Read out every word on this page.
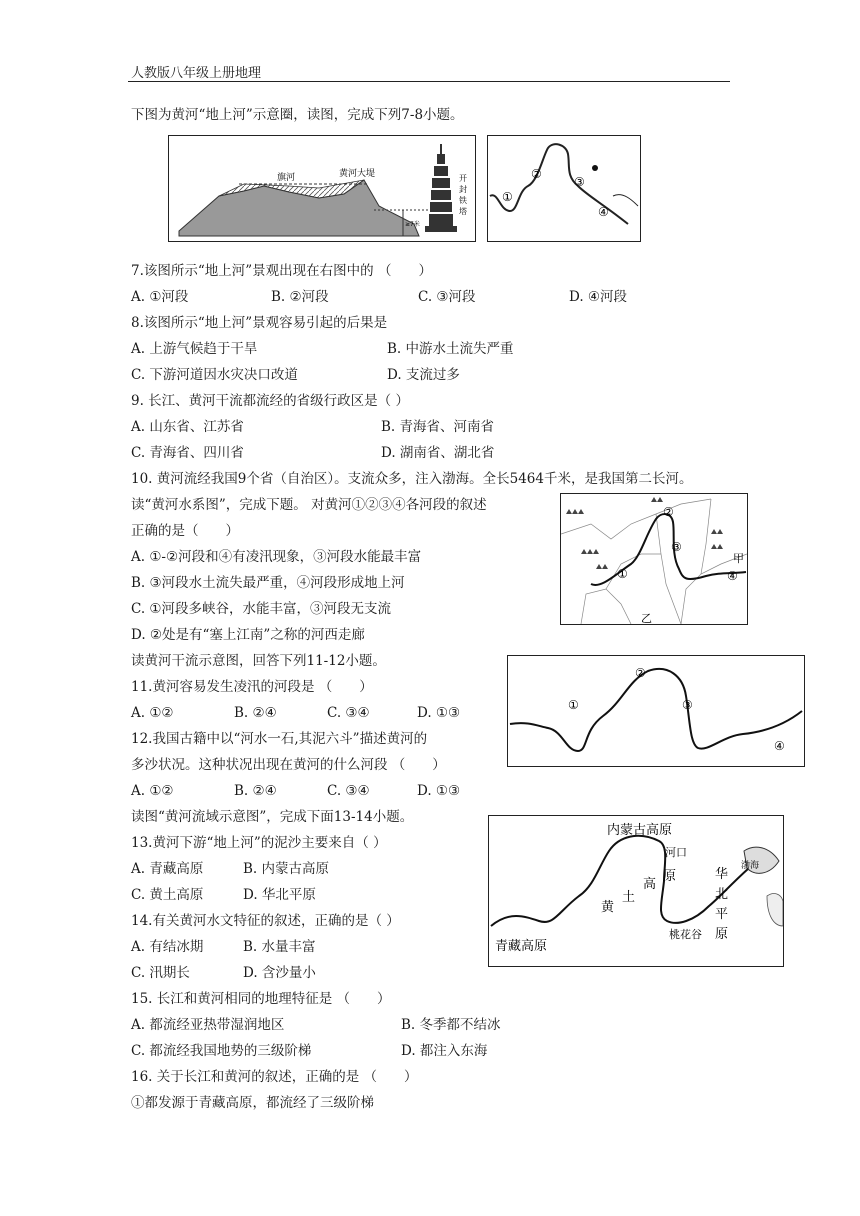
人教版八年级上册地理
下图为黄河“地上河”示意圈，读图，完成下列7-8小题。
旗河	黄河大堤
≥7米
开
封
铁
塔
①
②
③
④
7.该图所示“地上河”景观出现在右图中的 （　　）
A. ①河段	B. ②河段	C. ③河段	D. ④河段
8.该图所示“地上河”景观容易引起的后果是
A. 上游气候趋于干旱	B. 中游水土流失严重
C. 下游河道因水灾决口改道	D. 支流过多
9. 长江、黄河干流都流经的省级行政区是（ ）
A. 山东省、江苏省	B. 青海省、河南省
C. 青海省、四川省	D. 湖南省、湖北省
10. 黄河流经我国9个省（自治区）。支流众多，注入渤海。全长5464千米，是我国第二长河。
读“黄河水系图”，完成下题。 对黄河①②③④各河段的叙述
正确的是（　　）
A. ①-②河段和④有凌汛现象，③河段水能最丰富
B. ③河段水土流失最严重，④河段形成地上河
C. ①河段多峡谷，水能丰富，③河段无支流
D. ②处是有“塞上江南”之称的河西走廊
①
②
③
④
甲
乙
读黄河干流示意图，回答下列11-12小题。
11.黄河容易发生凌汛的河段是 （　　）
A. ①②	B. ②④	C. ③④	D. ①③	①
②
③
④
12.我国古籍中以“河水一石,其泥六斗”描述黄河的
多沙状况。这种状况出现在黄河的什么河段 （　　）
A. ①②	B. ②④	C. ③④	D. ①③
读图“黄河流域示意图”，完成下面13-14小题。
内蒙古高原
河口
渤海
黄
土
高
原	华
北
平
原
青藏高原
桃花谷
13.黄河下游“地上河”的泥沙主要来自（ ）
A. 青藏高原	B. 内蒙古高原
C. 黄土高原	D. 华北平原
14.有关黄河水文特征的叙述，正确的是（ ）
A. 有结冰期	B. 水量丰富
C. 汛期长	D. 含沙量小
15. 长江和黄河相同的地理特征是 （　　）
A. 都流经亚热带湿润地区	B. 冬季都不结冰
C. 都流经我国地势的三级阶梯	D. 都注入东海
16. 关于长江和黄河的叙述，正确的是 （　　）
①都发源于青藏高原，都流经了三级阶梯
